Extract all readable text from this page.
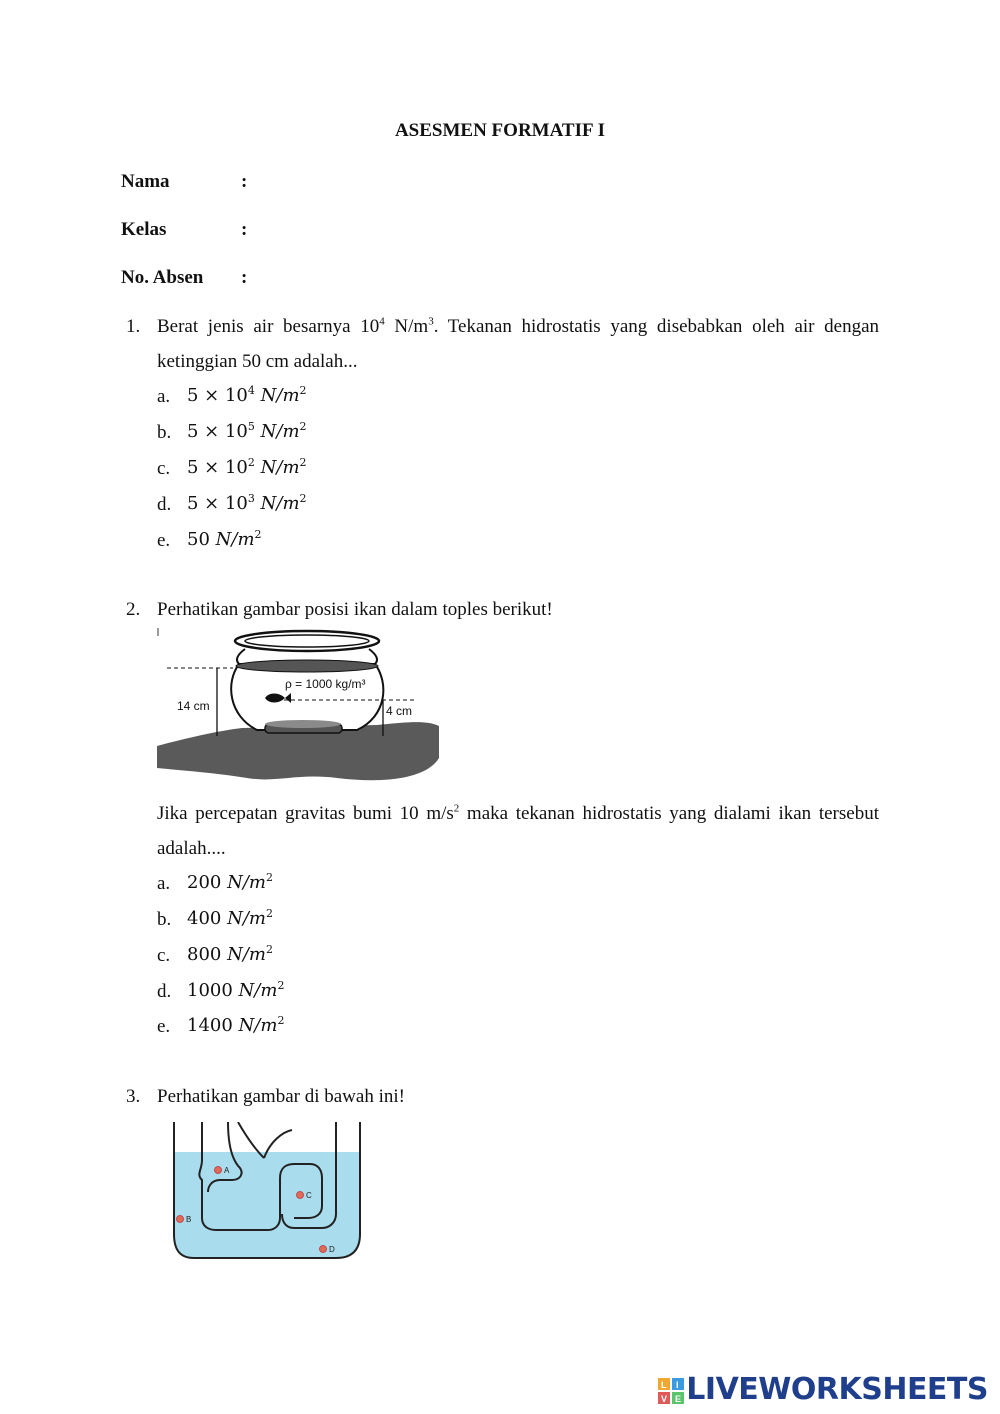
ASESMEN FORMATIF I
Nama	:
Kelas	:
No. Absen :
1. Berat jenis air besarnya $10^4$ $N/m^3$. Tekanan hidrostatis yang disebabkan oleh air dengan
ketinggian 50 cm adalah...
a. $5 \times 10^4$ $N/m^2$
b. $5 \times 10^5$ $N/m^2$
c. $5 \times 10^2$ $N/m^2$
d. $5 \times 10^3$ $N/m^2$
e. 50 $N/m^2$
2. Perhatikan gambar posisi ikan dalam toples berikut!
ρ = 1000 kg/m³
14 cm	4 cm
Jika percepatan gravitas bumi 10 $m/s^2$ maka tekanan hidrostatis yang dialami ikan tersebut
adalah....
a. 200 $N/m^2$
b. 400 $N/m^2$
c. 800 $N/m^2$
d. 1000 $N/m^2$
e. 1400 $N/m^2$
3. Perhatikan gambar di bawah ini!
A
B
C
D
L I
V E LIVEWORKSHEETS
